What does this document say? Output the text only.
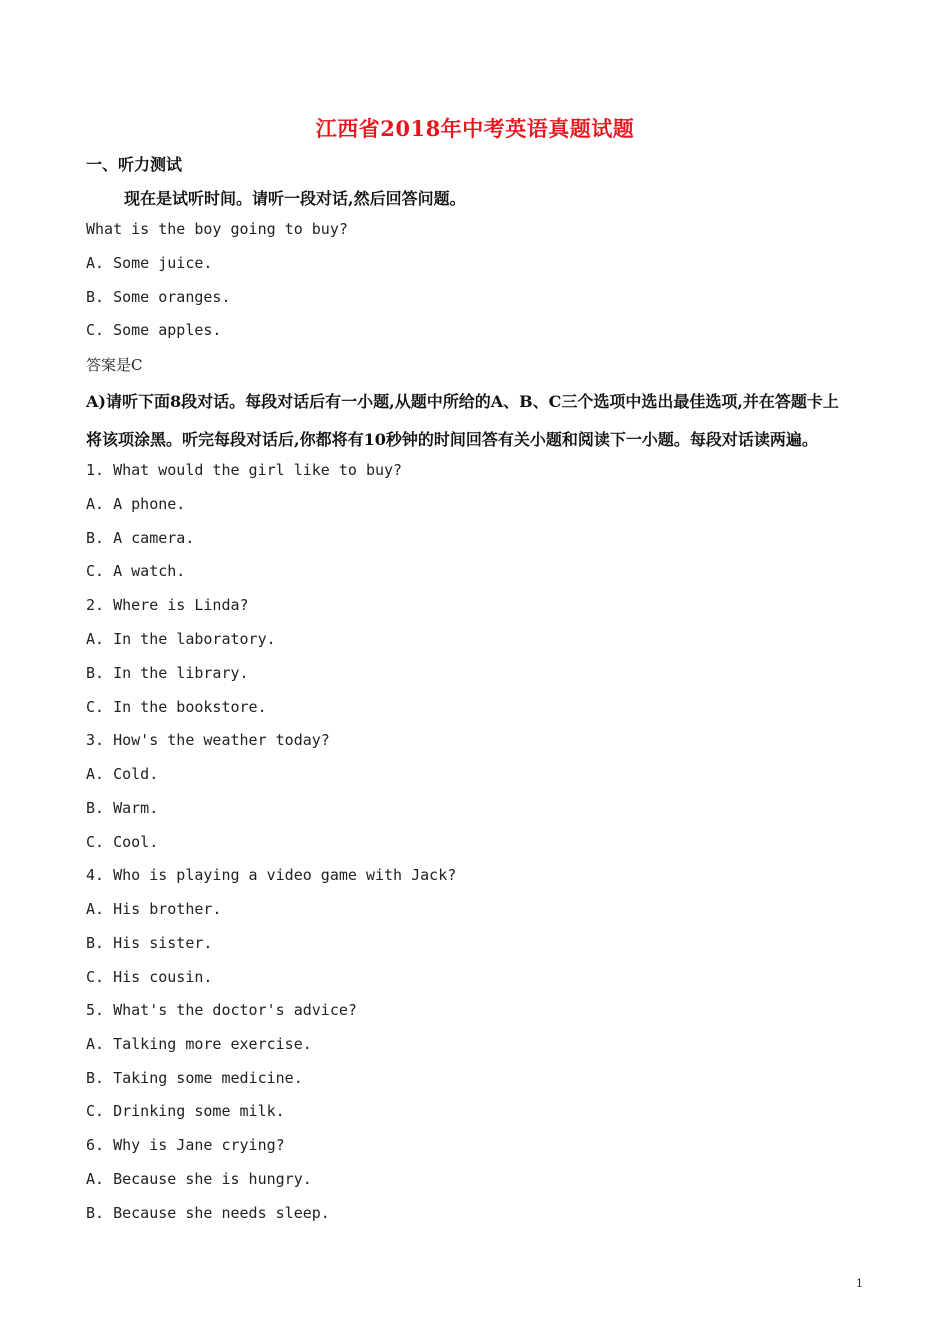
江西省2018年中考英语真题试题
一、听力测试
现在是试听时间。请听一段对话,然后回答问题。
What is the boy going to buy?
A. Some juice.
B. Some oranges.
C. Some apples.
答案是C
A)请听下面8段对话。每段对话后有一小题,从题中所给的A、B、C三个选项中选出最佳选项,并在答题卡上
将该项涂黑。听完每段对话后,你都将有10秒钟的时间回答有关小题和阅读下一小题。每段对话读两遍。
1. What would the girl like to buy?
A. A phone.
B. A camera.
C. A watch.
2. Where is Linda?
A. In the laboratory.
B. In the library.
C. In the bookstore.
3. How's the weather today?
A. Cold.
B. Warm.
C. Cool.
4. Who is playing a video game with Jack?
A. His brother.
B. His sister.
C. His cousin.
5. What's the doctor's advice?
A. Talking more exercise.
B. Taking some medicine.
C. Drinking some milk.
6. Why is Jane crying?
A. Because she is hungry.
B. Because she needs sleep.
1
